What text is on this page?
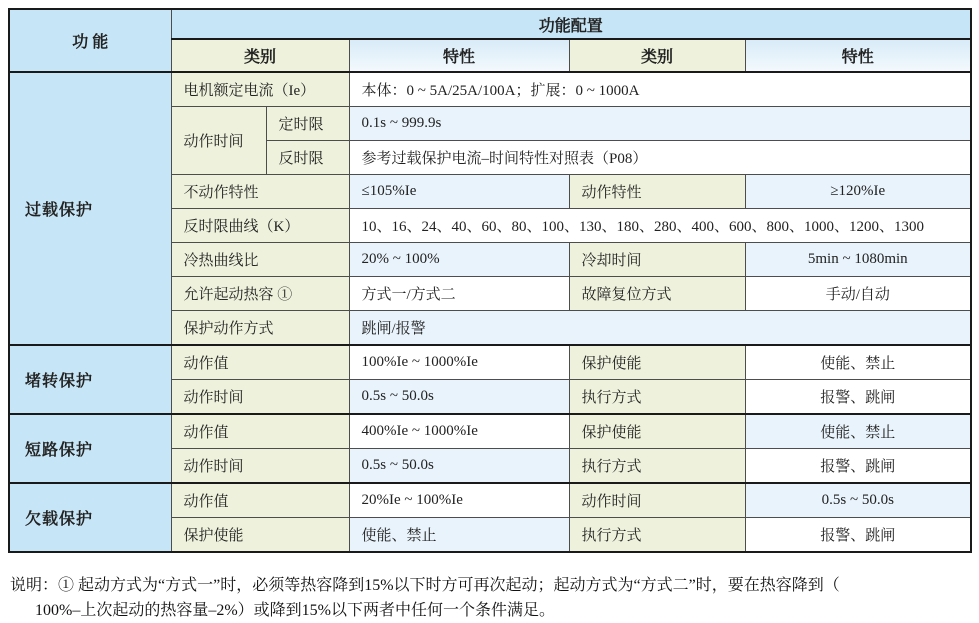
功 能	功能配置				
	类别		特性	类别	特性
过载保护	电机额定电流（Ie）		本体：0 ~ 5A/25A/100A；扩展：0 ~ 1000A		
	动作时间	定时限	0.1s ~ 999.9s		
		反时限	参考过载保护电流–时间特性对照表（P08）		
	不动作特性		≤105%Ie	动作特性	≥120%Ie
	反时限曲线（K）		10、16、24、40、60、80、100、130、180、280、400、600、800、1000、1200、1300		
	冷热曲线比		20% ~ 100%	冷却时间	5min ~ 1080min
	允许起动热容 ①		方式一/方式二	故障复位方式	手动/自动
	保护动作方式		跳闸/报警		
堵转保护	动作值		100%Ie ~ 1000%Ie	保护使能	使能、禁止
	动作时间		0.5s ~ 50.0s	执行方式	报警、跳闸
短路保护	动作值		400%Ie ~ 1000%Ie	保护使能	使能、禁止
	动作时间		0.5s ~ 50.0s	执行方式	报警、跳闸
欠载保护	动作值		20%Ie ~ 100%Ie	动作时间	0.5s ~ 50.0s
	保护使能		使能、禁止	执行方式	报警、跳闸
说明：① 起动方式为“方式一”时，必须等热容降到15%以下时方可再次起动；起动方式为“方式二”时，要在热容降到（
100%–上次起动的热容量–2%）或降到15%以下两者中任何一个条件满足。
